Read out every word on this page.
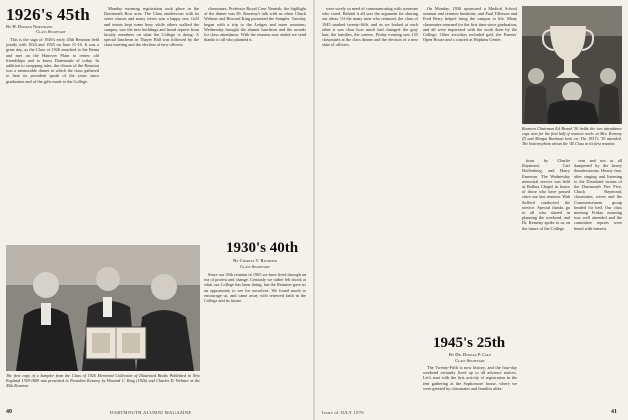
1926's 45th
By H. Donald Norstrand
Class Secretary

This is the saga of 1926's early 45th Reunion held jointly with 1924 and 1925 on June 11-16. It was a great day, as the Class of 1926 marched to the Bema and met on the Hanover Plain to renew old friendships and to know Dartmouth of today. In addition to swapping tales, the climax of the Reunion was a memorable dinner at which the class gathered to hear its president speak of the years since graduation and of the gifts made to the College.

Monday morning registration took place in the Dartmouth Row area. The Class rendezvous with its sister classes and many wives was a happy one. Golf and tennis kept some busy while others walked the campus, saw the new buildings and heard reports from faculty members on what the College is doing. A special luncheon in Thayer Hall was followed by the class meeting and the election of new officers.

classmates. Professor Royal Case Nemiah, the highlight of the dinner was Dr. Kemeny's talk with us when Chuck Webster and Howard King presented the Sampler. Tuesday began with a trip to the Ledges and more reunions; Wednesday brought the alumni luncheon and the awards for class attendance. With the reunion now ended we send thanks to all who planned it.

The first copy of a Sampler from the Class of 1926 Memorial Collection of Illustrated Books Published in New England 1769-1869 was presented to President Kemeny by Howard C. King (1926) and Charles D. Webster at the 45th Reunion.
1930's 40th
By Charles V. Raymond
Class Secretary

Since our 35th reunion in 1965 we have lived through an era of protest and change. Certainly we rather felt shock at what our College has been doing, but the Reunion gave us an opportunity to see for ourselves. We found much to encourage us, and came away with renewed faith in the College and its future.

40	DARTMOUTH ALUMNI MAGAZINE

were sorely in need of communicating with someone who cared. Behind it all was the argument for sharing our ideas. Of the many men who returned, the class of 1945 marked twenty-fifth, and as we looked at each other it was clear how much had changed: the gray hair, the families, the careers. Friday evening saw 155 classmates at the class dinner and the election of a new slate of officers.

On Monday, 1930 sponsored a Medical School seminar and reunion breakfast, and Paul Tillotson and Fred Berry helped bring the campus to life. Many classmates returned for the first time since graduation, and all were impressed with the work done by the College. Other activities included golf, the Parents' Open House and a concert at Hopkins Center.

Reunion Chairman Ed Brand '30 holds the two attendance cups won for the first half of reunion week: at Mrs. Kemeny (l) and Margot Boelman look on. The 1931's '30 attended. The bottom photo shows the '45 Class in its first reunion.

tions by Charlie Raymond, Carl Hoffenberg, and Harry Emerson. The Wednesday memorial service was held at Rollins Chapel in honor of those who have passed since our last reunion. Wah Sufferd conducted the service. Special thanks go to all who shared in planning the weekend, and Dr. Kemeny spoke to us on the future of the College.

cent and not at all dampened by the heavy thunderstorms. Hearty fare, after singing and listening to the Dixieland strains of the Dartmouth Fire Five, Chuck Raymond, classmates, wives and the Commencement group headed for bed. Our class meeting Friday morning was well attended and the committee reports were heard with interest.

1945's 25th
By Dr. Donald P. Cole
Class Secretary

The Twenty-Fifth is now history, and the four-day weekend certainly lived up to all advance notices. Let's start with the first activity of registration in the tent gathering at the Sophomore house, where we were greeted by classmates and families alike.

Issue of JULY 1970	41
